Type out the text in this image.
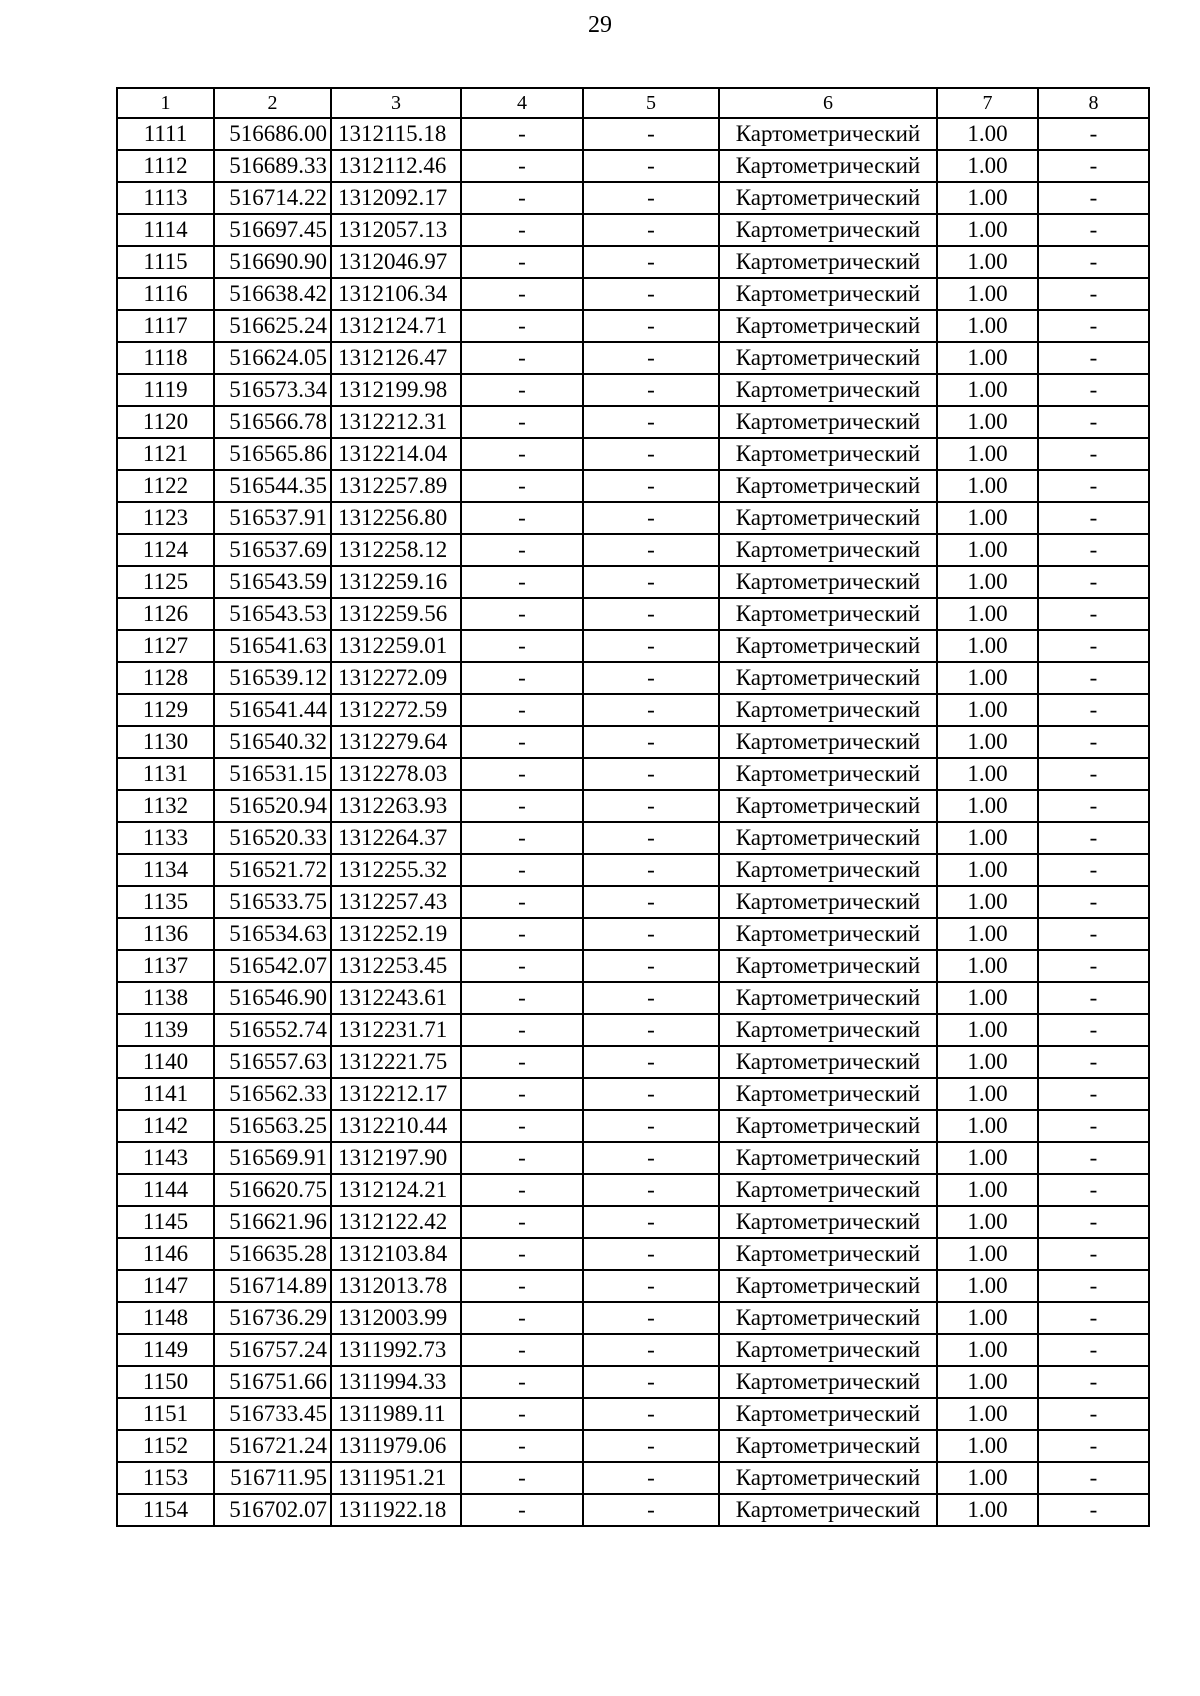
29
1	2	3	4	5	6	7	8
1111	516686.00	1312115.18	-	-	Картометрический	1.00	-
1112	516689.33	1312112.46	-	-	Картометрический	1.00	-
1113	516714.22	1312092.17	-	-	Картометрический	1.00	-
1114	516697.45	1312057.13	-	-	Картометрический	1.00	-
1115	516690.90	1312046.97	-	-	Картометрический	1.00	-
1116	516638.42	1312106.34	-	-	Картометрический	1.00	-
1117	516625.24	1312124.71	-	-	Картометрический	1.00	-
1118	516624.05	1312126.47	-	-	Картометрический	1.00	-
1119	516573.34	1312199.98	-	-	Картометрический	1.00	-
1120	516566.78	1312212.31	-	-	Картометрический	1.00	-
1121	516565.86	1312214.04	-	-	Картометрический	1.00	-
1122	516544.35	1312257.89	-	-	Картометрический	1.00	-
1123	516537.91	1312256.80	-	-	Картометрический	1.00	-
1124	516537.69	1312258.12	-	-	Картометрический	1.00	-
1125	516543.59	1312259.16	-	-	Картометрический	1.00	-
1126	516543.53	1312259.56	-	-	Картометрический	1.00	-
1127	516541.63	1312259.01	-	-	Картометрический	1.00	-
1128	516539.12	1312272.09	-	-	Картометрический	1.00	-
1129	516541.44	1312272.59	-	-	Картометрический	1.00	-
1130	516540.32	1312279.64	-	-	Картометрический	1.00	-
1131	516531.15	1312278.03	-	-	Картометрический	1.00	-
1132	516520.94	1312263.93	-	-	Картометрический	1.00	-
1133	516520.33	1312264.37	-	-	Картометрический	1.00	-
1134	516521.72	1312255.32	-	-	Картометрический	1.00	-
1135	516533.75	1312257.43	-	-	Картометрический	1.00	-
1136	516534.63	1312252.19	-	-	Картометрический	1.00	-
1137	516542.07	1312253.45	-	-	Картометрический	1.00	-
1138	516546.90	1312243.61	-	-	Картометрический	1.00	-
1139	516552.74	1312231.71	-	-	Картометрический	1.00	-
1140	516557.63	1312221.75	-	-	Картометрический	1.00	-
1141	516562.33	1312212.17	-	-	Картометрический	1.00	-
1142	516563.25	1312210.44	-	-	Картометрический	1.00	-
1143	516569.91	1312197.90	-	-	Картометрический	1.00	-
1144	516620.75	1312124.21	-	-	Картометрический	1.00	-
1145	516621.96	1312122.42	-	-	Картометрический	1.00	-
1146	516635.28	1312103.84	-	-	Картометрический	1.00	-
1147	516714.89	1312013.78	-	-	Картометрический	1.00	-
1148	516736.29	1312003.99	-	-	Картометрический	1.00	-
1149	516757.24	1311992.73	-	-	Картометрический	1.00	-
1150	516751.66	1311994.33	-	-	Картометрический	1.00	-
1151	516733.45	1311989.11	-	-	Картометрический	1.00	-
1152	516721.24	1311979.06	-	-	Картометрический	1.00	-
1153	516711.95	1311951.21	-	-	Картометрический	1.00	-
1154	516702.07	1311922.18	-	-	Картометрический	1.00	-
